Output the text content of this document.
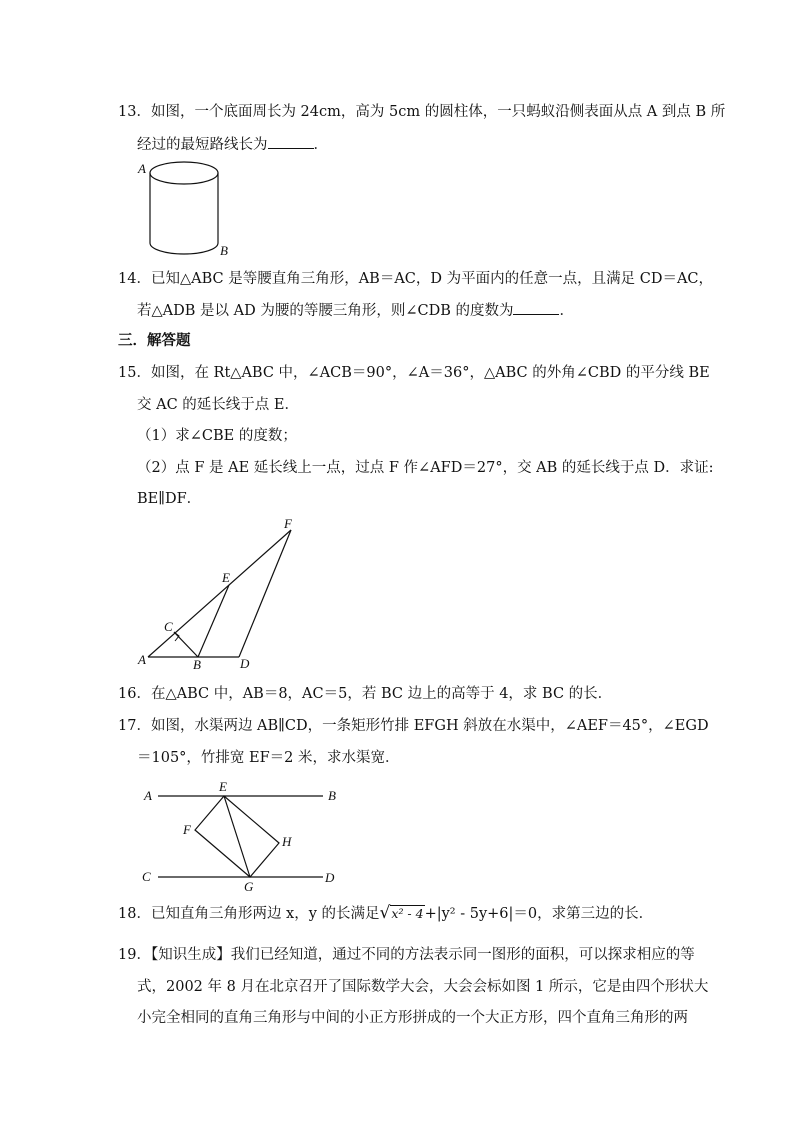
13．如图，一个底面周长为 24cm，高为 5cm 的圆柱体，一只蚂蚁沿侧表面从点 A 到点 B 所
经过的最短路线长为	．
A
B
14．已知△ABC 是等腰直角三角形，AB＝AC，D 为平面内的任意一点，且满足 CD＝AC，
若△ADB 是以 AD 为腰的等腰三角形，则∠CDB 的度数为	．
三．解答题
15．如图，在 Rt△ABC 中，∠ACB＝90°，∠A＝36°，△ABC 的外角∠CBD 的平分线 BE
交 AC 的延长线于点 E．
（1）求∠CBE 的度数；
（2）点 F 是 AE 延长线上一点，过点 F 作∠AFD＝27°，交 AB 的延长线于点 D．求证:
BE∥DF．
F
E
C
A	B	D
16．在△ABC 中，AB＝8，AC＝5，若 BC 边上的高等于 4，求 BC 的长．
17．如图，水渠两边 AB∥CD，一条矩形竹排 EFGH 斜放在水渠中，∠AEF＝45°，∠EGD
＝105°，竹排宽 EF＝2 米，求水渠宽．
A	B
C	D
E
F
G
H
18．已知直角三角形两边 x，y 的长满足√x² - 4+|y² - 5y+6|＝0，求第三边的长．
19．【知识生成】我们已经知道，通过不同的方法表示同一图形的面积，可以探求相应的等
式，2002 年 8 月在北京召开了国际数学大会，大会会标如图 1 所示，它是由四个形状大
小完全相同的直角三角形与中间的小正方形拼成的一个大正方形，四个直角三角形的两
